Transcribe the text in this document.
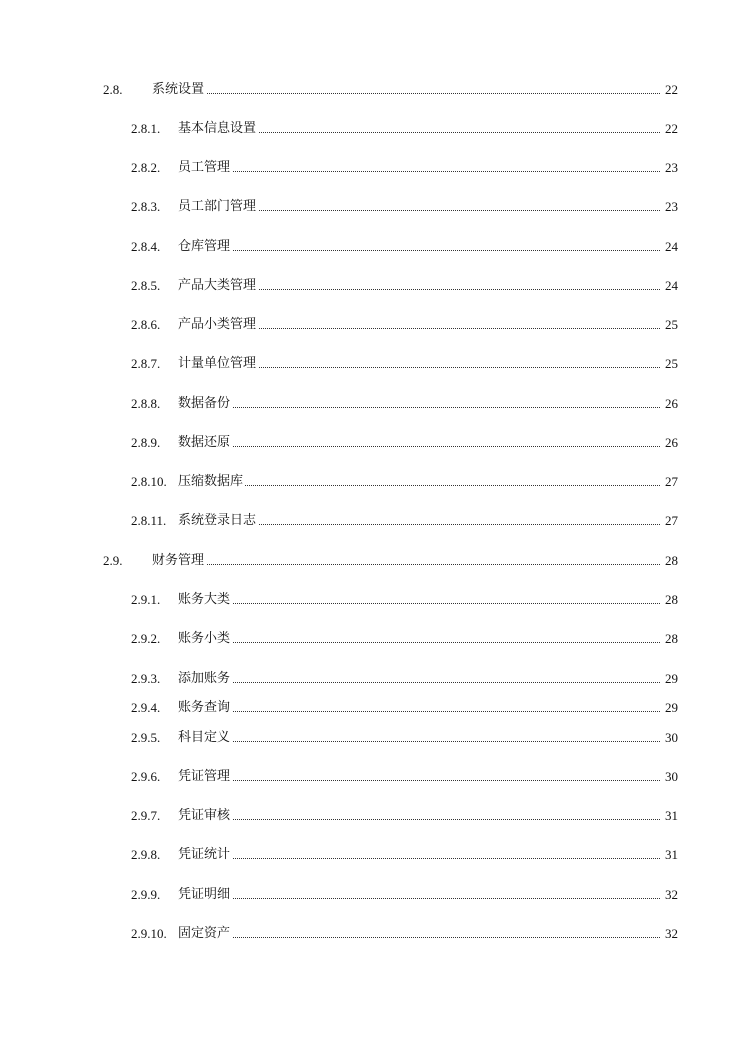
2.8. 系统设置	22
2.8.1. 基本信息设置	22
2.8.2. 员工管理	23
2.8.3. 员工部门管理	23
2.8.4. 仓库管理	24
2.8.5. 产品大类管理	24
2.8.6. 产品小类管理	25
2.8.7. 计量单位管理	25
2.8.8. 数据备份	26
2.8.9. 数据还原	26
2.8.10. 压缩数据库	27
2.8.11. 系统登录日志	27
2.9. 财务管理	28
2.9.1. 账务大类	28
2.9.2. 账务小类	28
2.9.3. 添加账务	29
2.9.4. 账务查询	29
2.9.5. 科目定义	30
2.9.6. 凭证管理	30
2.9.7. 凭证审核	31
2.9.8. 凭证统计	31
2.9.9. 凭证明细	32
2.9.10. 固定资产	32
